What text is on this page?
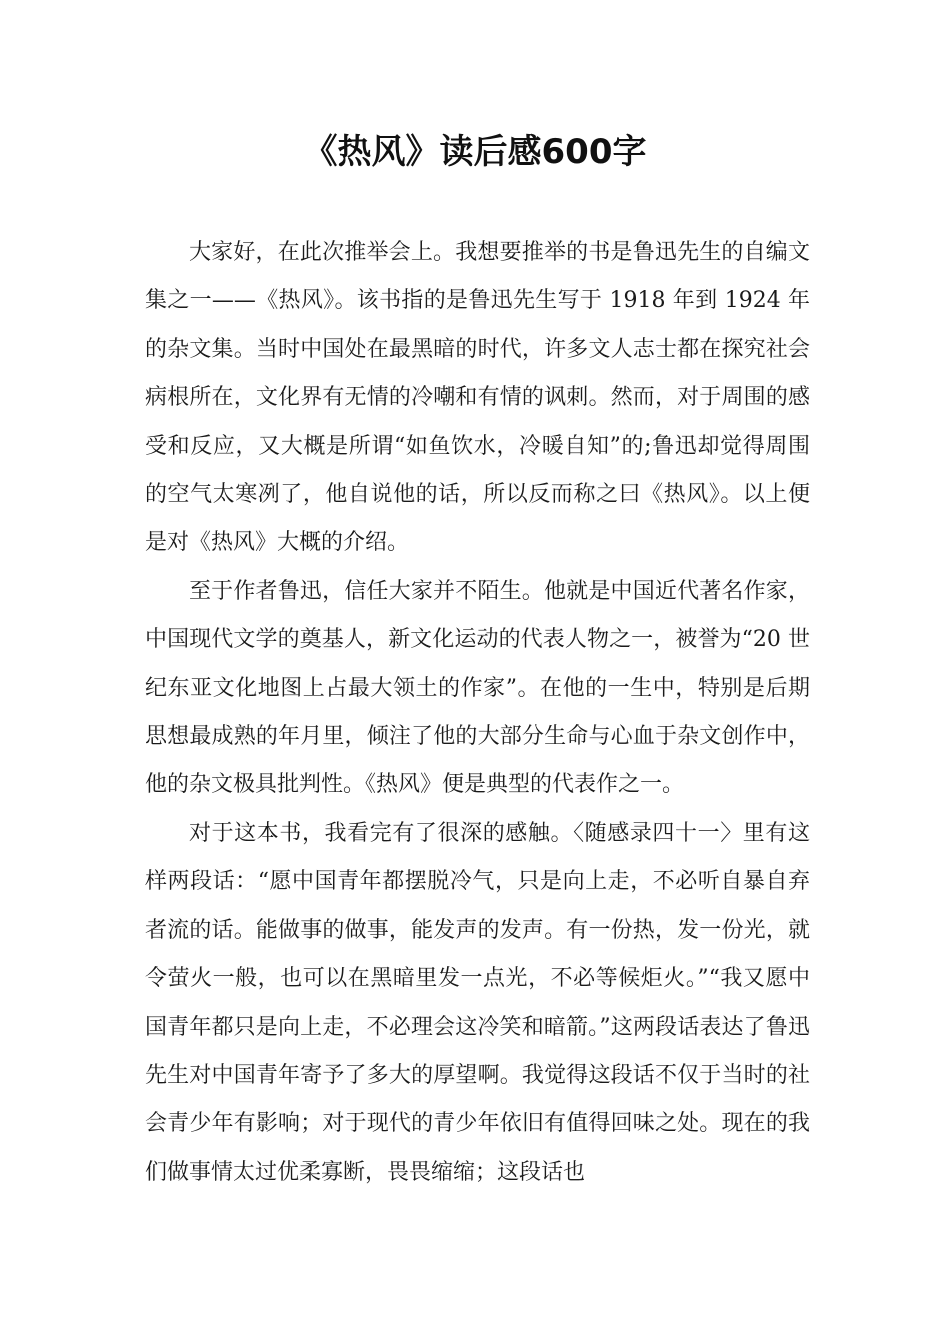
《热风》读后感600字

大家好，在此次推举会上。我想要推举的书是鲁迅先生的自编文集之一——《热风》。该书指的是鲁迅先生写于 1918 年到 1924 年的杂文集。当时中国处在最黑暗的时代，许多文人志士都在探究社会病根所在，文化界有无情的冷嘲和有情的讽刺。然而，对于周围的感受和反应，又大概是所谓“如鱼饮水，冷暖自知”的;鲁迅却觉得周围的空气太寒冽了，他自说他的话，所以反而称之曰《热风》。以上便是对《热风》大概的介绍。

至于作者鲁迅，信任大家并不陌生。他就是中国近代著名作家，中国现代文学的奠基人，新文化运动的代表人物之一，被誉为“20 世纪东亚文化地图上占最大领土的作家”。在他的一生中，特别是后期思想最成熟的年月里，倾注了他的大部分生命与心血于杂文创作中，他的杂文极具批判性。《热风》便是典型的代表作之一。

对于这本书，我看完有了很深的感触。〈随感录四十一〉里有这样两段话：“愿中国青年都摆脱冷气，只是向上走，不必听自暴自弃者流的话。能做事的做事，能发声的发声。有一份热，发一份光，就令萤火一般，也可以在黑暗里发一点光，不必等候炬火。”“我又愿中国青年都只是向上走，不必理会这冷笑和暗箭。”这两段话表达了鲁迅先生对中国青年寄予了多大的厚望啊。我觉得这段话不仅于当时的社会青少年有影响；对于现代的青少年依旧有值得回味之处。现在的我们做事情太过优柔寡断，畏畏缩缩；这段话也
